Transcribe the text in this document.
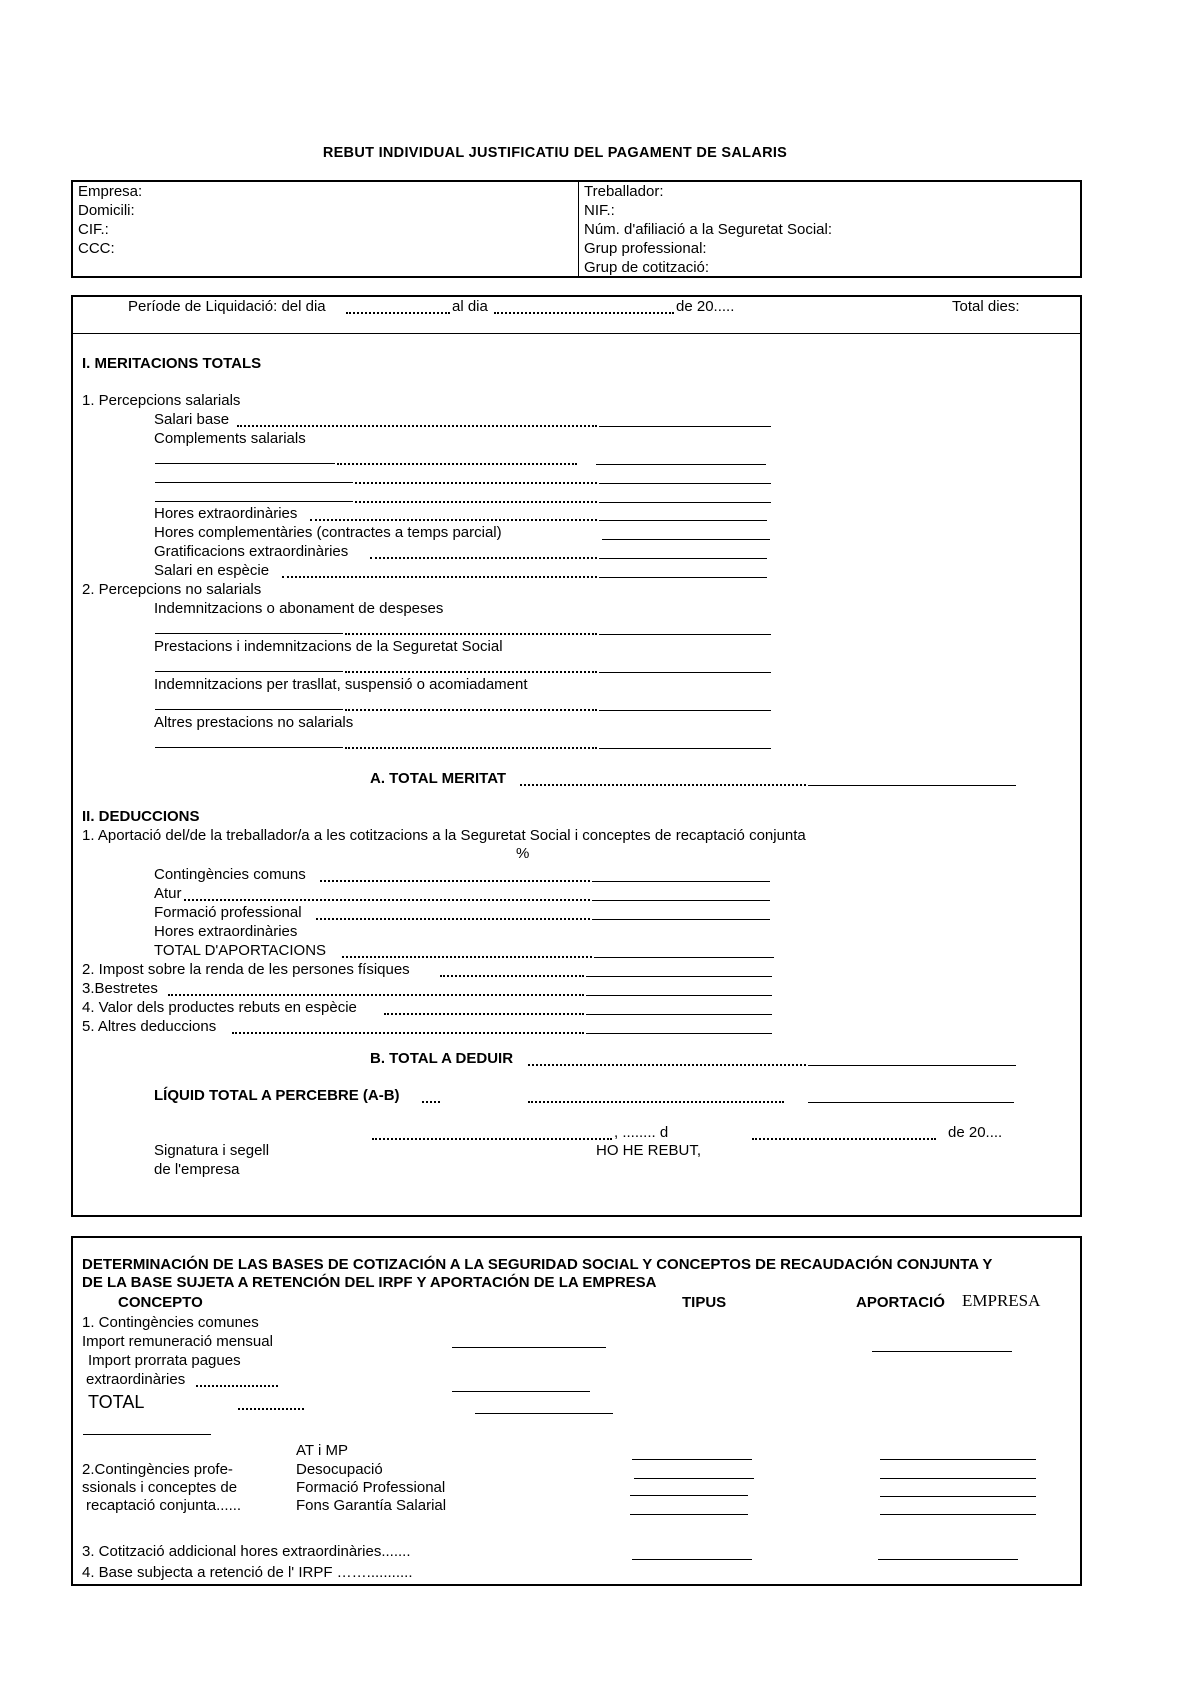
REBUT INDIVIDUAL JUSTIFICATIU DEL PAGAMENT DE SALARIS
Empresa:
Domicili:
CIF.:
CCC:
Treballador:
NIF.:
Núm. d'afiliació a la Seguretat Social:
Grup professional:
Grup de cotització:
Període de Liquidació: del dia	al dia	de 20.....	Total dies:
I. MERITACIONS TOTALS
1. Percepcions salarials
Salari base
Complements salarials
Hores extraordinàries
Hores complementàries (contractes a temps parcial)
Gratificacions extraordinàries
Salari en espècie
2. Percepcions no salarials
Indemnitzacions o abonament de despeses
Prestacions i indemnitzacions de la Seguretat Social
Indemnitzacions per trasllat, suspensió o acomiadament
Altres prestacions no salarials
A. TOTAL MERITAT
II. DEDUCCIONS
1. Aportació del/de la treballador/a a les cotitzacions a la Seguretat Social i conceptes de recaptació conjunta
%
Contingències comuns
Atur
Formació professional
Hores extraordinàries
TOTAL D'APORTACIONS
2. Impost sobre la renda de les persones físiques
3.Bestretes
4. Valor dels productes rebuts en espècie
5. Altres deduccions
B. TOTAL A DEDUIR
LÍQUID TOTAL A PERCEBRE (A-B)
, ........ d	de 20....
Signatura i segell
de l'empresa
HO HE REBUT,
DETERMINACIÓN DE LAS BASES DE COTIZACIÓN A LA SEGURIDAD SOCIAL Y CONCEPTOS DE RECAUDACIÓN CONJUNTA Y
DE LA BASE SUJETA A RETENCIÓN DEL IRPF Y APORTACIÓN DE LA EMPRESA
CONCEPTO	TIPUS	APORTACIÓ EMPRESA
1. Contingències comunes
Import remuneració mensual
Import prorrata pagues
extraordinàries
TOTAL
AT i MP
2.Contingències profe-
ssionals i conceptes de
recaptació conjunta......
Desocupació
Formació Professional
Fons Garantía Salarial
3. Cotització addicional hores extraordinàries.......
4. Base subjecta a retenció de l' IRPF ……...........
